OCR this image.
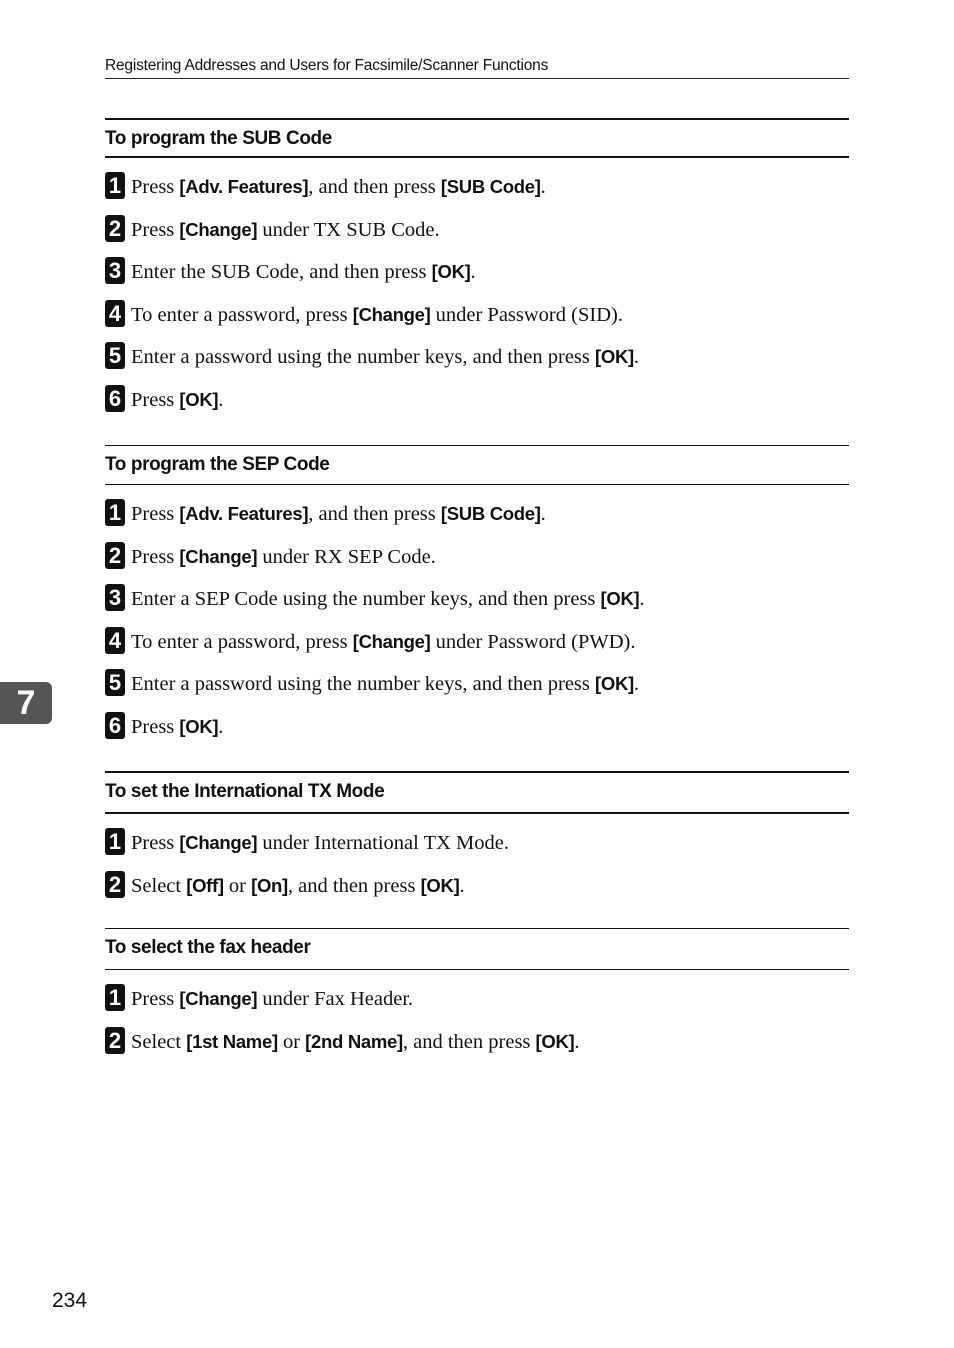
Registering Addresses and Users for Facsimile/Scanner Functions
To program the SUB Code
1 Press [Adv. Features], and then press [SUB Code].
2 Press [Change] under TX SUB Code.
3 Enter the SUB Code, and then press [OK].
4 To enter a password, press [Change] under Password (SID).
5 Enter a password using the number keys, and then press [OK].
6 Press [OK].
To program the SEP Code
1 Press [Adv. Features], and then press [SUB Code].
2 Press [Change] under RX SEP Code.
3 Enter a SEP Code using the number keys, and then press [OK].
4 To enter a password, press [Change] under Password (PWD).
5 Enter a password using the number keys, and then press [OK].
6 Press [OK].
To set the International TX Mode
1 Press [Change] under International TX Mode.
2 Select [Off] or [On], and then press [OK].
To select the fax header
1 Press [Change] under Fax Header.
2 Select [1st Name] or [2nd Name], and then press [OK].
7
234
